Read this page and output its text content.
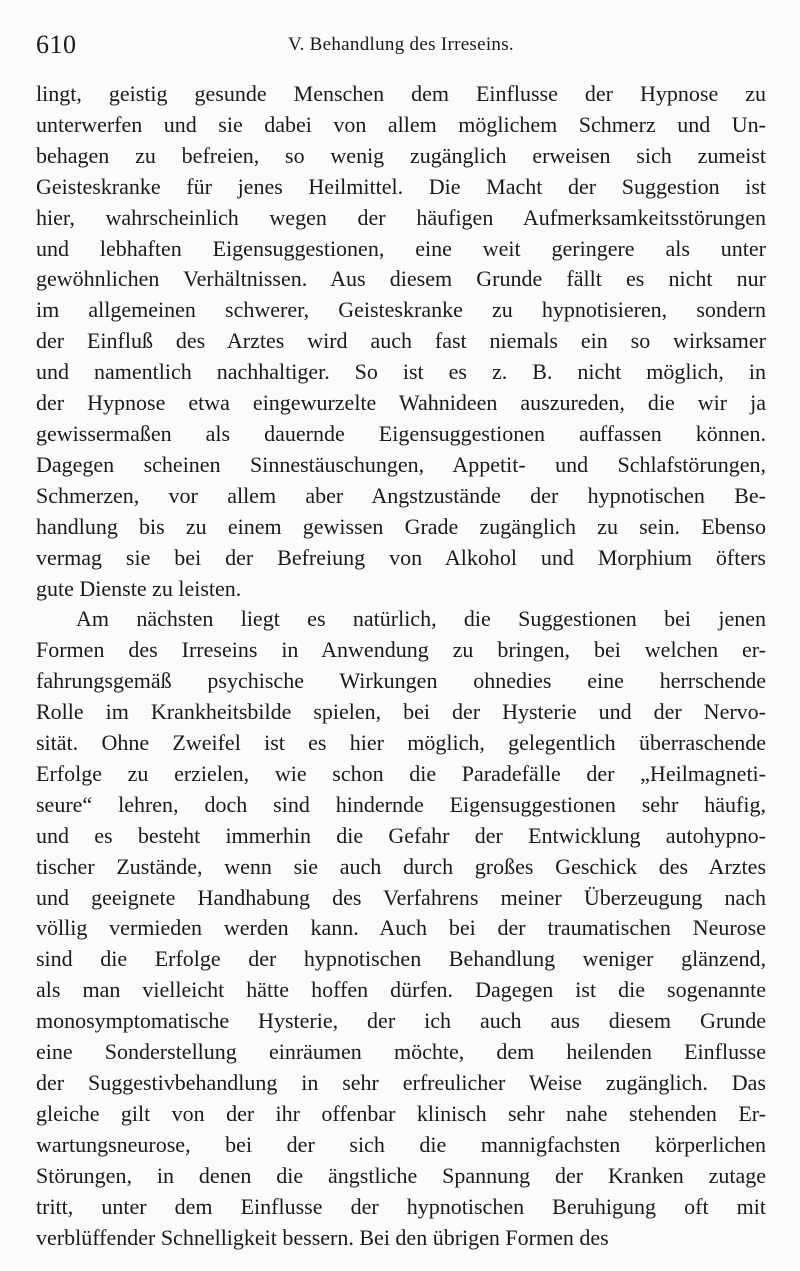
610	V. Behandlung des Irreseins.
lingt, geistig gesunde Menschen dem Einflusse der Hypnose zu
unterwerfen und sie dabei von allem möglichem Schmerz und Un-
behagen zu befreien, so wenig zugänglich erweisen sich zumeist
Geisteskranke für jenes Heilmittel. Die Macht der Suggestion ist
hier, wahrscheinlich wegen der häufigen Aufmerksamkeitsstörungen
und lebhaften Eigensuggestionen, eine weit geringere als unter
gewöhnlichen Verhältnissen. Aus diesem Grunde fällt es nicht nur
im allgemeinen schwerer, Geisteskranke zu hypnotisieren, sondern
der Einfluß des Arztes wird auch fast niemals ein so wirksamer
und namentlich nachhaltiger. So ist es z. B. nicht möglich, in
der Hypnose etwa eingewurzelte Wahnideen auszureden, die wir ja
gewissermaßen als dauernde Eigensuggestionen auffassen können.
Dagegen scheinen Sinnestäuschungen, Appetit- und Schlafstörungen,
Schmerzen, vor allem aber Angstzustände der hypnotischen Be-
handlung bis zu einem gewissen Grade zugänglich zu sein. Ebenso
vermag sie bei der Befreiung von Alkohol und Morphium öfters
gute Dienste zu leisten.
Am nächsten liegt es natürlich, die Suggestionen bei jenen
Formen des Irreseins in Anwendung zu bringen, bei welchen er-
fahrungsgemäß psychische Wirkungen ohnedies eine herrschende
Rolle im Krankheitsbilde spielen, bei der Hysterie und der Nervo-
sität. Ohne Zweifel ist es hier möglich, gelegentlich überraschende
Erfolge zu erzielen, wie schon die Paradefälle der „Heilmagneti-
seure“ lehren, doch sind hindernde Eigensuggestionen sehr häufig,
und es besteht immerhin die Gefahr der Entwicklung autohypno-
tischer Zustände, wenn sie auch durch großes Geschick des Arztes
und geeignete Handhabung des Verfahrens meiner Überzeugung nach
völlig vermieden werden kann. Auch bei der traumatischen Neurose
sind die Erfolge der hypnotischen Behandlung weniger glänzend,
als man vielleicht hätte hoffen dürfen. Dagegen ist die sogenannte
monosymptomatische Hysterie, der ich auch aus diesem Grunde
eine Sonderstellung einräumen möchte, dem heilenden Einflusse
der Suggestivbehandlung in sehr erfreulicher Weise zugänglich. Das
gleiche gilt von der ihr offenbar klinisch sehr nahe stehenden Er-
wartungsneurose, bei der sich die mannigfachsten körperlichen
Störungen, in denen die ängstliche Spannung der Kranken zutage
tritt, unter dem Einflusse der hypnotischen Beruhigung oft mit
verblüffender Schnelligkeit bessern. Bei den übrigen Formen des
